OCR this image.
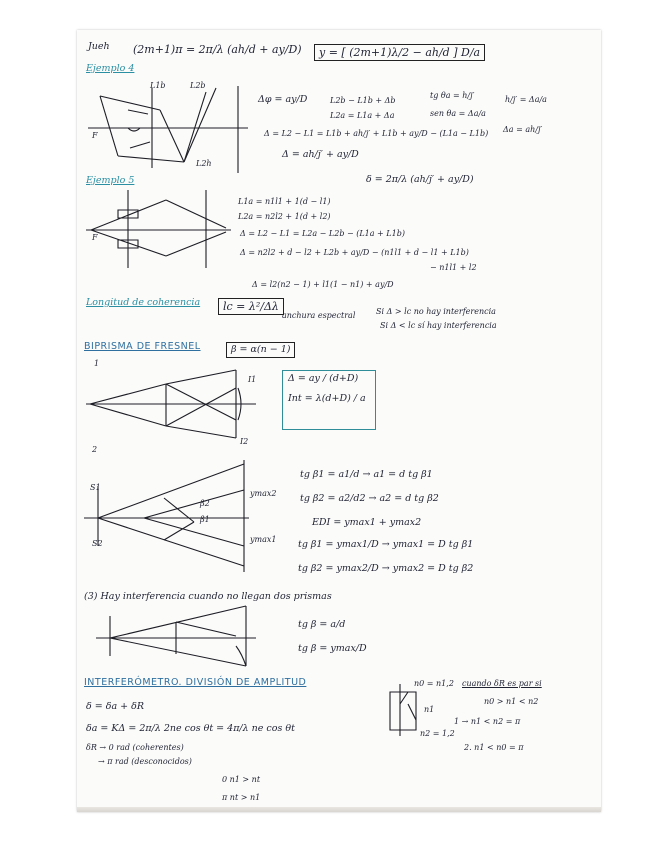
Jueh (2m+1)π = 2π/λ (ah/d + ay/D)	y = [ (2m+1)λ/2 − ah/d ] D/a
Ejemplo 4
L1b	L2b
F
L2h
Δφ = ay/D	L2b − L1b + Δb
L2a = L1a + Δa
Δ = L2 − L1 = L1b + ah/j′ + L1b + ay/D − (L1a − L1b)
Δ = ah/j′ + ay/D
tg θa = h/j′
sen θa = Δa/a
h/j′ = Δa/a
Δa = ah/j′
δ = 2π/λ (ah/j′ + ay/D)
Ejemplo 5
F
L1a = n1l1 + 1(d − l1)
L2a = n2l2 + 1(d + l2)
Δ = L2 − L1 = L2a − L2b − (L1a + L1b)
Δ = n2l2 + d − l2 + L2b + ay/D − (n1l1 + d − l1 + L1b)
− n1l1 + l2
Δ = l2(n2 − 1) + l1(1 − n1) + ay/D
Longitud de coherencia	lc = λ²/Δλ
anchura espectral	Si Δ > lc no hay interferencia
Si Δ < lc sí hay interferencia
BIPRISMA DE FRESNEL	β = α(n − 1)
1
I1
I2
Δ = ay / (d+D)
Int = λ(d+D) / a
2
ymax2
ymax1
S1
S2
β1
β2
tg β1 = a1/d → a1 = d tg β1
tg β2 = a2/d2 → a2 = d tg β2
EDI = ymax1 + ymax2
tg β1 = ymax1/D → ymax1 = D tg β1
tg β2 = ymax2/D → ymax2 = D tg β2
(3) Hay interferencia cuando no llegan dos prismas
tg β = a/d
tg β = ymax/D
INTERFERÓMETRO. DIVISIÓN DE AMPLITUD
δ = δa + δR
δa = KΔ = 2π/λ 2ne cos θt = 4π/λ ne cos θt
δR → 0 rad (coherentes)
→ π rad (desconocidos)
0 n1 > nt
π nt > n1
n1
n2 = 1,2
n0 = n1,2 cuando δR es par si
n0 > n1 < n2
1 → n1 < n2 = π
2. n1 < n0 = π
